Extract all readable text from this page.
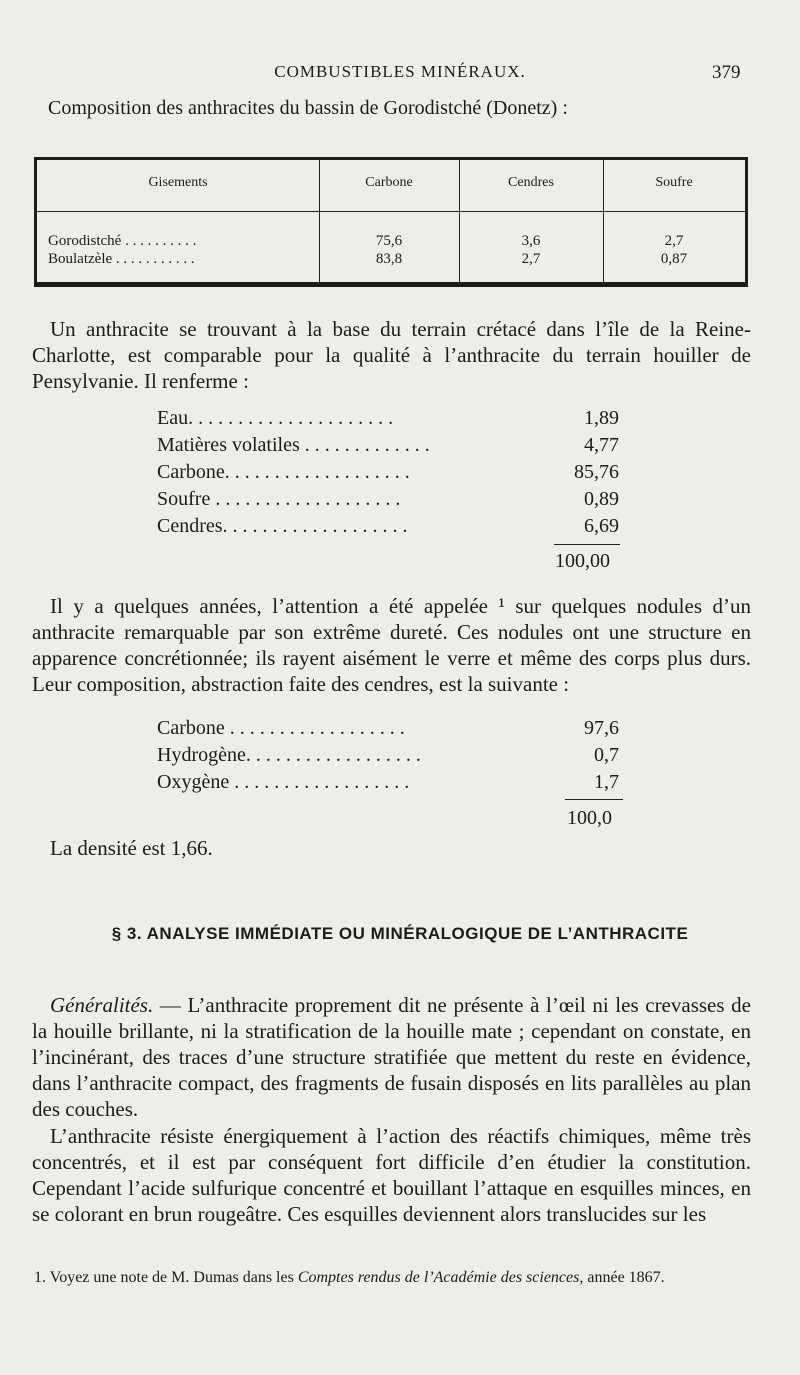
COMBUSTIBLES MINÉRAUX.	379
Composition des anthracites du bassin de Gorodistché (Donetz) :
Gisements	Carbone	Cendres	Soufre
Gorodistché . . . . . . . . . .	75,6	3,6	2,7
Boulatzèle . . . . . . . . . . .	83,8	2,7	0,87
Un anthracite se trouvant à la base du terrain crétacé dans l’île de la Reine-Charlotte, est comparable pour la qualité à l’anthracite du terrain houiller de Pensylvanie. Il renferme :
Eau. . . . . . . . . . . . . . . . . . . . .	1,89
Matières volatiles . . . . . . . . . . . . .	4,77
Carbone. . . . . . . . . . . . . . . . . . .	85,76
Soufre . . . . . . . . . . . . . . . . . . .	0,89
Cendres. . . . . . . . . . . . . . . . . . .	6,69
100,00
Il y a quelques années, l’attention a été appelée ¹ sur quelques nodules d’un anthracite remarquable par son extrême dureté. Ces nodules ont une structure en apparence concrétionnée; ils rayent aisément le verre et même des corps plus durs. Leur composition, abstraction faite des cendres, est la suivante :
Carbone . . . . . . . . . . . . . . . . . .	97,6
Hydrogène. . . . . . . . . . . . . . . . . .	0,7
Oxygène . . . . . . . . . . . . . . . . . .	1,7
100,0
La densité est 1,66.
§ 3. ANALYSE IMMÉDIATE OU MINÉRALOGIQUE DE L’ANTHRACITE
Généralités. — L’anthracite proprement dit ne présente à l’œil ni les crevasses de la houille brillante, ni la stratification de la houille mate ; cependant on constate, en l’incinérant, des traces d’une structure stratifiée que mettent du reste en évidence, dans l’anthracite compact, des fragments de fusain disposés en lits parallèles au plan des couches.
L’anthracite résiste énergiquement à l’action des réactifs chimiques, même très concentrés, et il est par conséquent fort difficile d’en étudier la constitution. Cependant l’acide sulfurique concentré et bouillant l’attaque en esquilles minces, en se colorant en brun rougeâtre. Ces esquilles deviennent alors translucides sur les
1. Voyez une note de M. Dumas dans les Comptes rendus de l’Académie des sciences, année 1867.
